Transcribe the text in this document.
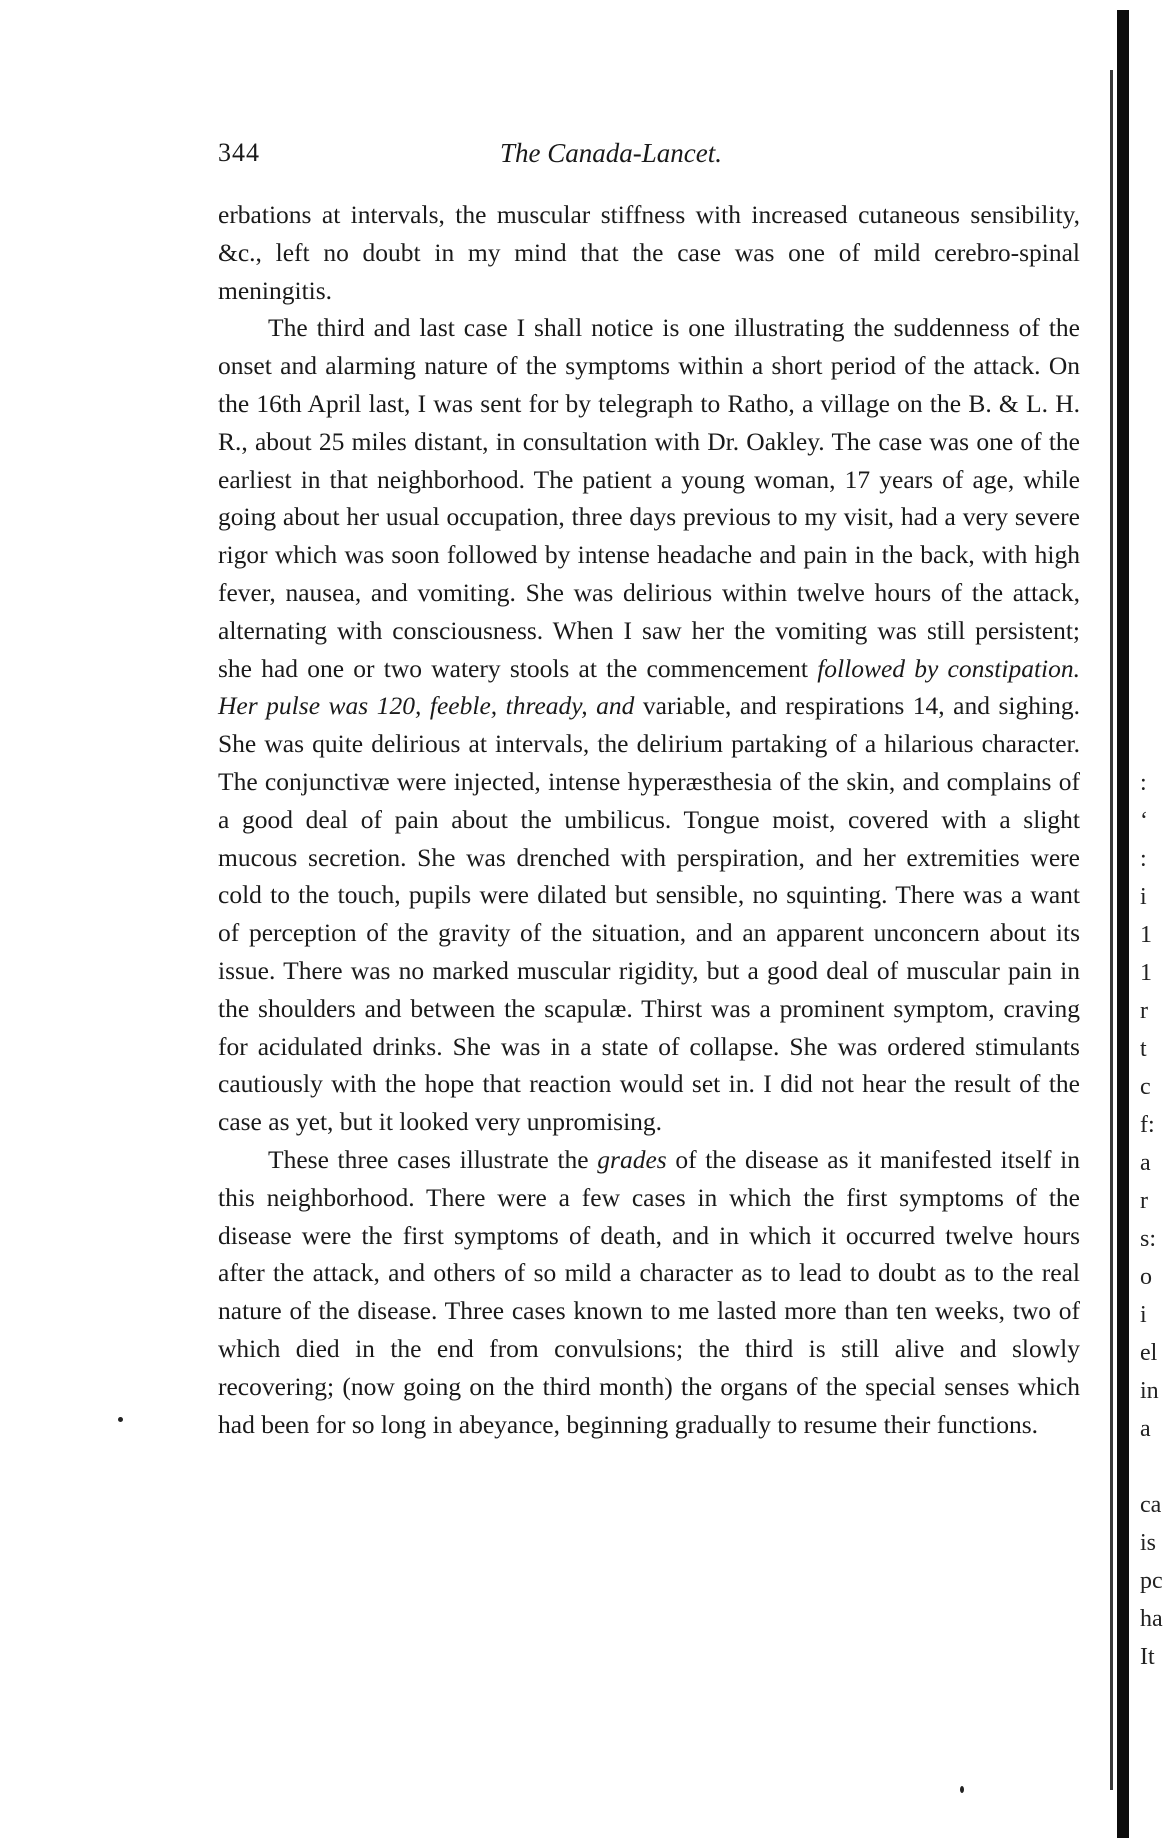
344	The Canada-Lancet.

erbations at intervals, the muscular stiffness with increased cutaneous sensibility, &c., left no doubt in my mind that the case was one of mild cerebro-spinal meningitis.

The third and last case I shall notice is one illustrating the suddenness of the onset and alarming nature of the symptoms within a short period of the attack. On the 16th April last, I was sent for by telegraph to Ratho, a village on the B. & L. H. R., about 25 miles distant, in consultation with Dr. Oakley. The case was one of the earliest in that neighborhood. The patient a young woman, 17 years of age, while going about her usual occupation, three days previous to my visit, had a very severe rigor which was soon followed by intense headache and pain in the back, with high fever, nausea, and vomiting. She was delirious within twelve hours of the attack, alternating with consciousness. When I saw her the vomiting was still persistent; she had one or two watery stools at the commencement followed by constipation. Her pulse was 120, feeble, thready, and variable, and respirations 14, and sighing. She was quite delirious at intervals, the delirium partaking of a hilarious character. The conjunctivæ were injected, intense hyperæsthesia of the skin, and complains of a good deal of pain about the umbilicus. Tongue moist, covered with a slight mucous secretion. She was drenched with perspiration, and her extremities were cold to the touch, pupils were dilated but sensible, no squinting. There was a want of perception of the gravity of the situation, and an apparent unconcern about its issue. There was no marked muscular rigidity, but a good deal of muscular pain in the shoulders and between the scapulæ. Thirst was a prominent symptom, craving for acidulated drinks. She was in a state of collapse. She was ordered stimulants cautiously with the hope that reaction would set in. I did not hear the result of the case as yet, but it looked very unpromising.

These three cases illustrate the grades of the disease as it manifested itself in this neighborhood. There were a few cases in which the first symptoms of the disease were the first symptoms of death, and in which it occurred twelve hours after the attack, and others of so mild a character as to lead to doubt as to the real nature of the disease. Three cases known to me lasted more than ten weeks, two of which died in the end from convulsions; the third is still alive and slowly recovering; (now going on the third month) the organs of the special senses which had been for so long in abeyance, beginning gradually to resume their functions.

:
‘
:
i
1
1
r
t
c
f:
a
r
s:
o
i
el
in
a
ca
is
pc
ha
It
